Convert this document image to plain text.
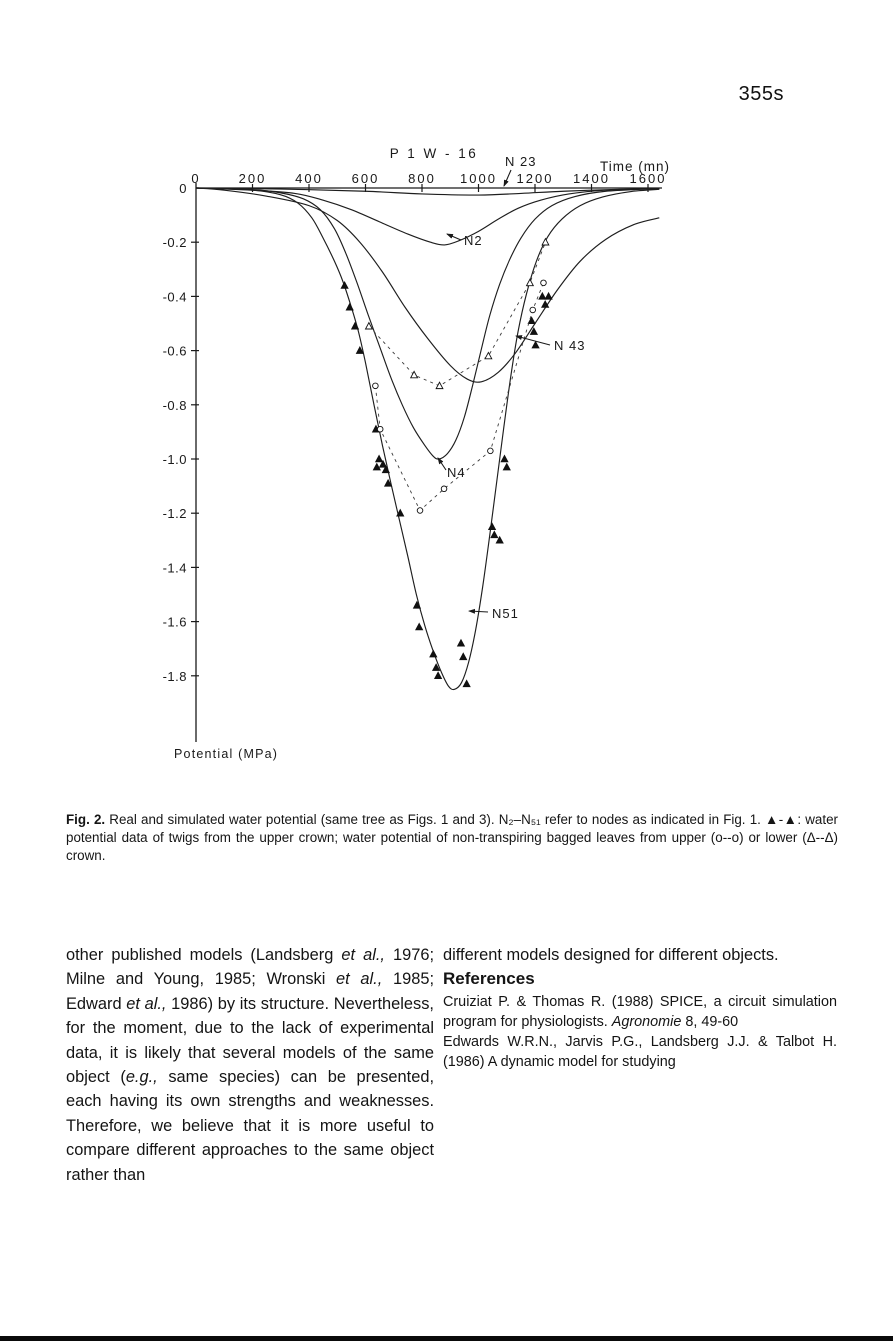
355s
0	200 400 600 800 1000 1200 1400 1600
0
-0.2
-0.4
-0.6
-0.8
-1.0
-1.2
-1.4
-1.6
-1.8
P 1 W - 16
Time (mn)
Potential (MPa)
N 23
N2
N 43
N4
N51

Fig. 2. Real and simulated water potential (same tree as Figs. 1 and 3). N₂–N₅₁ refer to nodes as indicated in Fig. 1. ▲-▲: water potential data of twigs from the upper crown; water potential of non-transpiring bagged leaves from upper (o--o) or lower (Δ--Δ) crown.

other published models (Landsberg et al., 1976; Milne and Young, 1985; Wronski et al., 1985; Edward et al., 1986) by its structure. Nevertheless, for the moment, due to the lack of experimental data, it is likely that several models of the same object (e.g., same species) can be presented, each having its own strengths and weaknesses. Therefore, we believe that it is more useful to compare different approaches to the same object rather than

different models designed for different objects.

References

Cruiziat P. & Thomas R. (1988) SPICE, a circuit simulation program for physiologists. Agronomie 8, 49-60

Edwards W.R.N., Jarvis P.G., Landsberg J.J. & Talbot H. (1986) A dynamic model for studying
